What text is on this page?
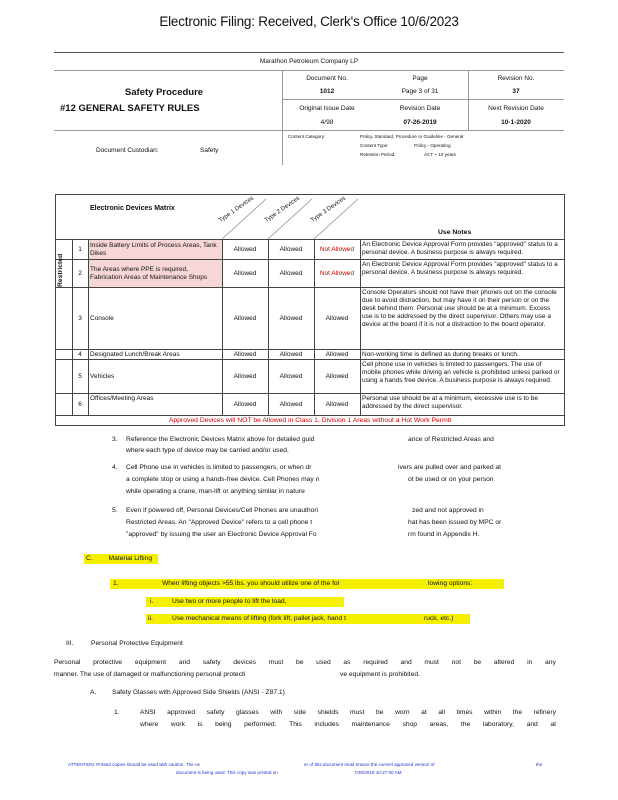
Electronic Filing: Received, Clerk's Office 10/6/2023
Marathon Petroleum Company LP
Safety Procedure
#12 GENERAL SAFETY RULES
Document No.
1012
Page
Page 3 of 31
Revision No.
37
Original Issue Date
4/98
Revision Date
07-26-2019
Next Revision Date
10-1-2020
Document Custodian:	Safety
Content Category:	Policy, Standard, Procedure or Guideline - General
Content Type:	Policy - Operating
Retention Period:	ACT + 10 years
Electronic Devices Matrix	Type 1 Devices Type 2 Devices Type 3 Devices
Use Notes
1
Inside Battery Limits of Process Areas, Tank Dikes
Allowed	Allowed	Not Allowed
An Electronic Device Approval Form provides "approved" status to a personal device. A business purpose is always required.
2
The Areas where PPE is required, Fabrication Areas of Maintenance Shops
Allowed	Allowed	Not Allowed
An Electronic Device Approval Form provides "approved" status to a personal device. A business purpose is always required.
3	Console	Allowed	Allowed	Allowed
Console Operators should not have their phones out on the console due to avoid distraction, but may have it on their person or on the desk behind them. Personal use should be at a minimum. Excess use is to be addressed by the direct supervisor. Others may use a device at the board if it is not a distraction to the board operator.
4	Designated Lunch/Break Areas	Allowed	Allowed	Allowed	Non-working time is defined as during breaks or lunch.
5	Vehicles	Allowed	Allowed	Allowed
Cell phone use in vehicles is limited to passengers. The use of mobile phones while driving an vehicle is prohibited unless parked or using a hands free device. A business purpose is always required.
6
Offices/Meeting Areas
Allowed	Allowed	Allowed
Personal use should be at a minimum, excessive use is to be addressed by the direct supervisor.
Approved Devices will NOT be Allowed in Class 1, Division 1 Areas without a Hot Work Permit
Restricted
3. Reference the Electronic Devices Matrix above for detailed guid	ance of Restricted Areas and
where each type of device may be carried and/or used.
4. Cell Phone use in vehicles is limited to passengers, or when dr	ivers are pulled over and parked at
a complete stop or using a hands-free device. Cell Phones may n	ot be used or on your person
while operating a crane, man-lift or anything similar in nature
5. Even if powered off, Personal Devices/Cell Phones are unauthori	zed and not approved in
Restricted Areas. An "Approved Device" refers to a cell phone t	hat has been issued by MPC or
"approved" by issuing the user an Electronic Device Approval Fo	rm found in Appendix H.
C. Material Lifting
1.	When lifting objects >55 lbs. you should utilize one of the fol	lowing options:
i.	Use two or more people to lift the load,
ii.	Use mechanical means of lifting (fork lift, pallet jack, hand t	ruck, etc.)
III.	Personal Protective Equipment
Personal protective equipment and safety devices must be used as required and must not be altered in any
manner. The use of damaged or malfunctioning personal protecti	ve equipment is prohibited.
A. Safety Glasses with Approved Side Shields (ANSI - Z87.1)
1.	ANSI approved safety glasses with side shields must be worn at all times within the refinery
where work is being performed. This includes maintenance shop areas, the laboratory, and at
ATTENTION: Printed copies should be used with caution. The us	er of this document must ensure the current approved version of	the
document is being used. This copy was printed on	7/29/2019 10:27:00 AM
